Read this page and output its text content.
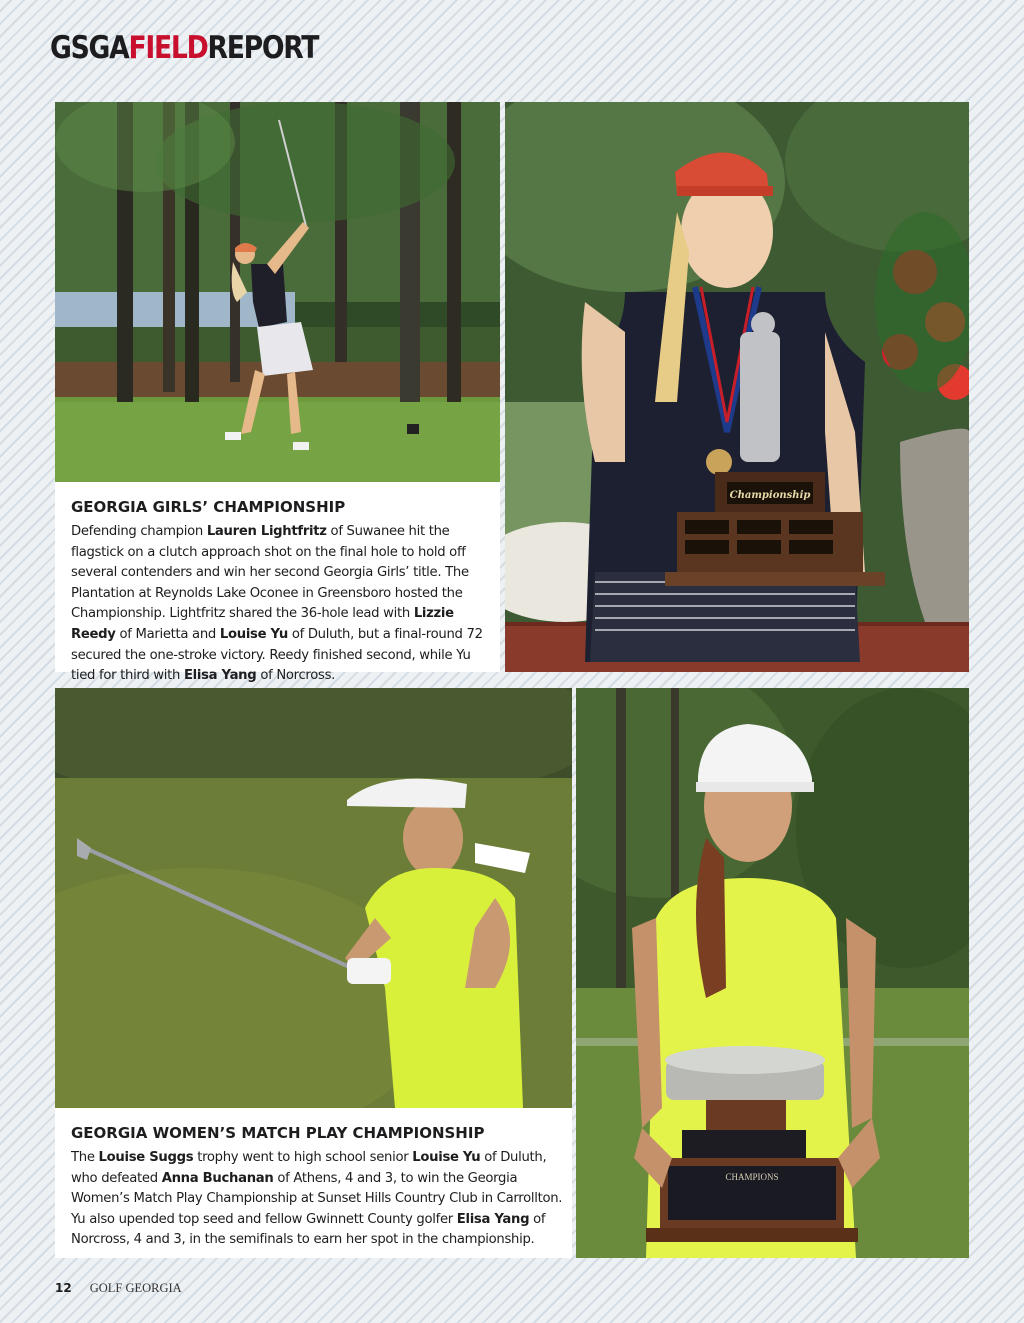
GSGAFIELDREPORT
GEORGIA GIRLS’ CHAMPIONSHIP

Defending champion Lauren Lightfritz of Suwanee hit the flagstick on a clutch approach shot on the final hole to hold off several contenders and win her second Georgia Girls’ title. The Plantation at Reynolds Lake Oconee in Greensboro hosted the Championship. Lightfritz shared the 36-hole lead with Lizzie Reedy of Marietta and Louise Yu of Duluth, but a final-round 72 secured the one-stroke victory. Reedy finished second, while Yu tied for third with Elisa Yang of Norcross.

Championship
GEORGIA WOMEN’S MATCH PLAY CHAMPIONSHIP

The Louise Suggs trophy went to high school senior Louise Yu of Duluth, who defeated Anna Buchanan of Athens, 4 and 3, to win the Georgia Women’s Match Play Championship at Sunset Hills Country Club in Carrollton. Yu also upended top seed and fellow Gwinnett County golfer Elisa Yang of Norcross, 4 and 3, in the semifinals to earn her spot in the championship.

CHAMPIONS
12 GOLF GEORGIA
